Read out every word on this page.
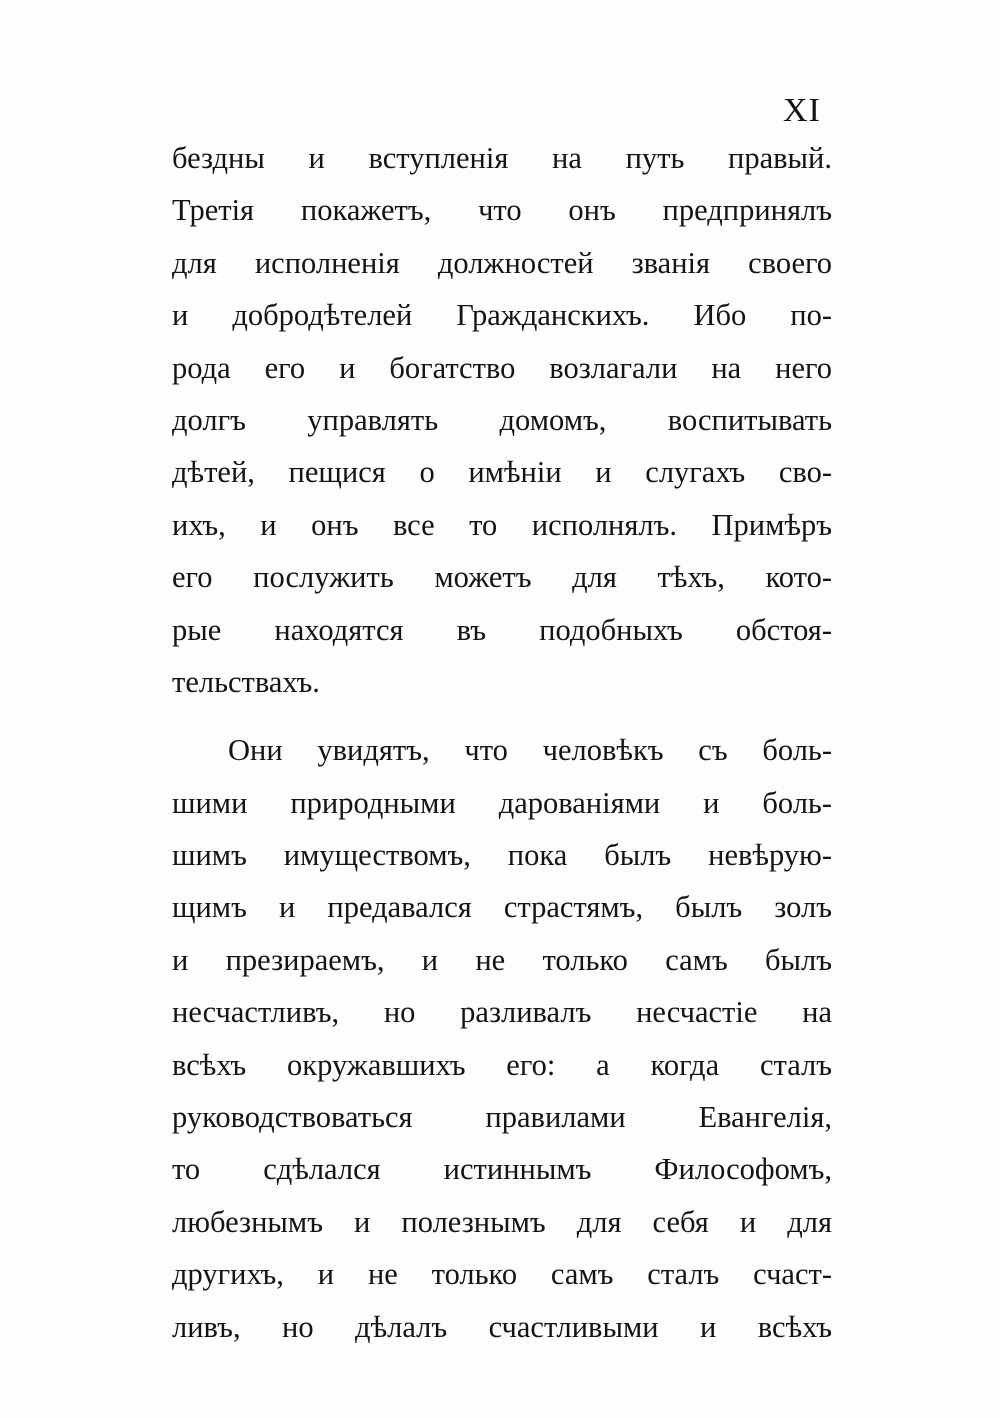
XI
бездны и вступленія на путь правый.
Третія покажетъ, что онъ предпринялъ
для исполненія должностей званія своего
и добродѣтелей Гражданскихъ. Ибо по-
рода его и богатство возлагали на него
долгъ управлять домомъ, воспитывать
дѣтей, пещися о имѣніи и слугахъ сво-
ихъ, и онъ все то исполнялъ. Примѣръ
его послужить можетъ для тѣхъ, кото-
рые находятся въ подобныхъ обстоя-
тельствахъ.
Они увидятъ, что человѣкъ съ боль-
шими природными дарованіями и боль-
шимъ имуществомъ, пока былъ невѣрую-
щимъ и предавался страстямъ, былъ золъ
и презираемъ, и не только самъ былъ
несчастливъ, но разливалъ несчастіе на
всѣхъ окружавшихъ его: а когда сталъ
руководствоваться правилами Евангелія,
то сдѣлался истиннымъ Философомъ,
любезнымъ и полезнымъ для себя и для
другихъ, и не только самъ сталъ счаст-
ливъ, но дѣлалъ счастливыми и всѣхъ
